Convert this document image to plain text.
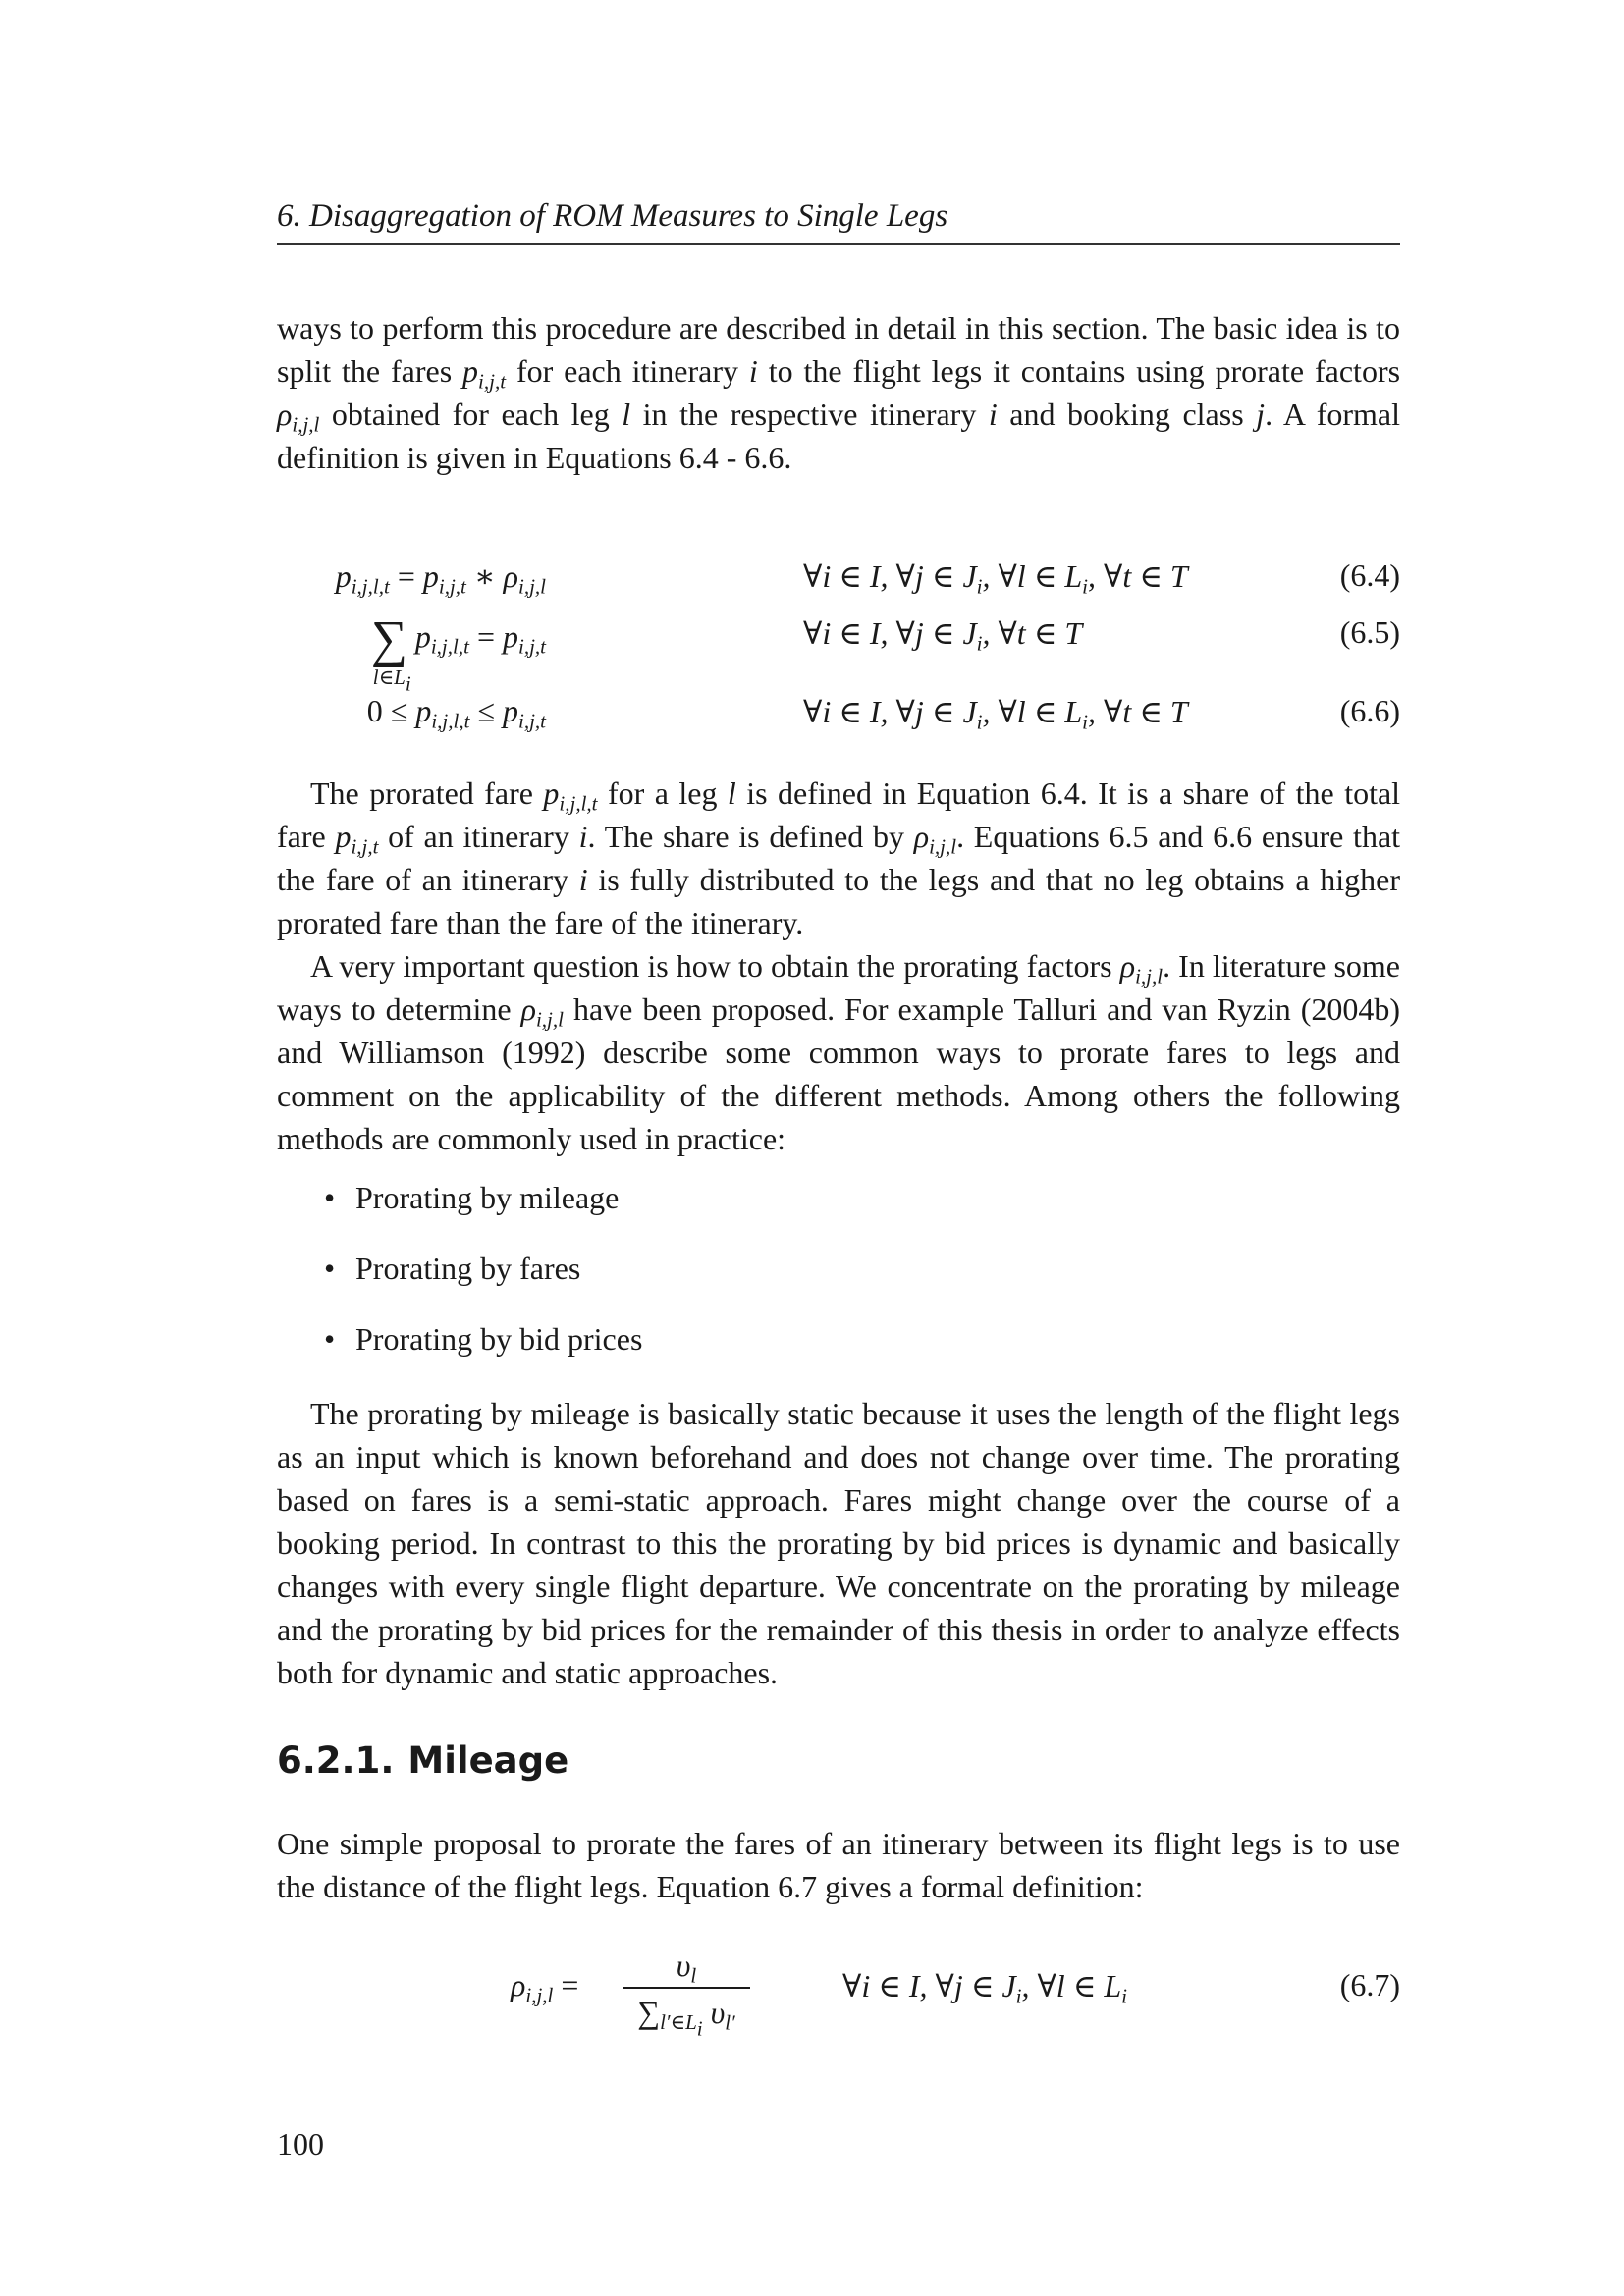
6. Disaggregation of ROM Measures to Single Legs

ways to perform this procedure are described in detail in this section. The basic idea is to split the fares $p_{i,j,t}$ for each itinerary i to the flight legs it contains using prorate factors $\rho_{i,j,l}$ obtained for each leg l in the respective itinerary i and booking class j. A formal definition is given in Equations 6.4 - 6.6.

$p_{i,j,l,t} = p_{i,j,t}$ ∗ $\rho_{i,j,l}$	∀i ∈ I, ∀j ∈ $J_i$, ∀l ∈ $L_i$, ∀t ∈ T	(6.4)
∑
$l\in L_i$
$p_{i,j,l,t} = p_{i,j,t}$	∀i ∈ I, ∀j ∈ $J_i$, ∀t ∈ T	(6.5)
$0 \le p_{i,j,l,t} \le p_{i,j,t}$	∀i ∈ I, ∀j ∈ $J_i$, ∀l ∈ $L_i$, ∀t ∈ T	(6.6)

The prorated fare $p_{i,j,l,t}$ for a leg l is defined in Equation 6.4. It is a share of the total fare $p_{i,j,t}$ of an itinerary i. The share is defined by $\rho_{i,j,l}$. Equations 6.5 and 6.6 ensure that the fare of an itinerary i is fully distributed to the legs and that no leg obtains a higher prorated fare than the fare of the itinerary.

A very important question is how to obtain the prorating factors $\rho_{i,j,l}$. In literature some ways to determine $\rho_{i,j,l}$ have been proposed. For example Talluri and van Ryzin (2004b) and Williamson (1992) describe some common ways to prorate fares to legs and comment on the applicability of the different methods. Among others the following methods are commonly used in practice:

• Prorating by mileage
• Prorating by fares
• Prorating by bid prices

The prorating by mileage is basically static because it uses the length of the flight legs as an input which is known beforehand and does not change over time. The prorating based on fares is a semi-static approach. Fares might change over the course of a booking period. In contrast to this the prorating by bid prices is dynamic and basically changes with every single flight departure. We concentrate on the prorating by mileage and the prorating by bid prices for the remainder of this thesis in order to analyze effects both for dynamic and static approaches.

6.2.1. Mileage

One simple proposal to prorate the fares of an itinerary between its flight legs is to use the distance of the flight legs. Equation 6.7 gives a formal definition:

$\rho_{i,j,l}$ =
$\upsilon_l$
$\sum_{l'\in L_i}$ $\upsilon_{l'}$
∀i ∈ I, ∀j ∈ $J_i$, ∀l ∈ $L_i$	(6.7)
100
